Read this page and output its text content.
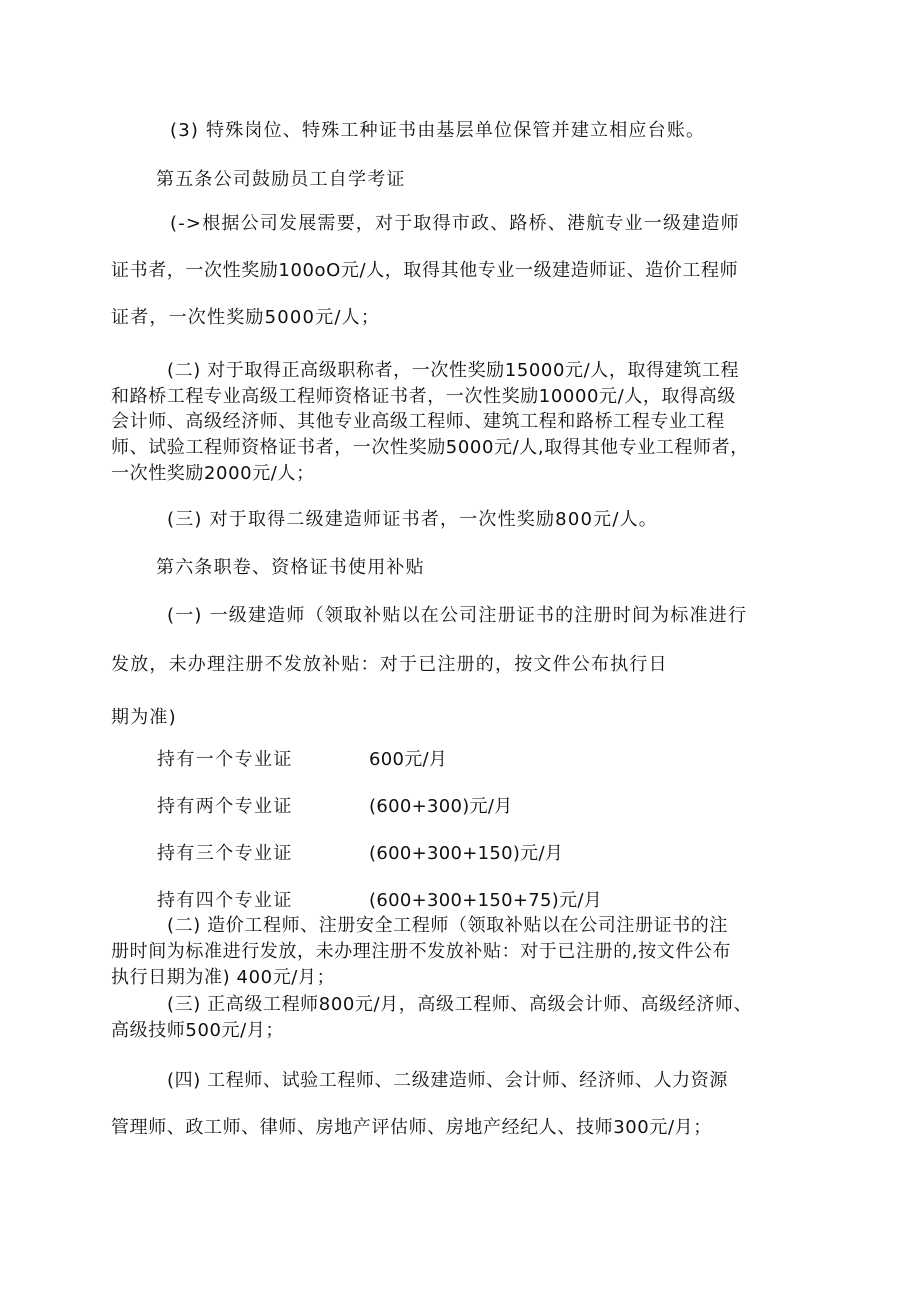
(3) 特殊岗位、特殊工种证书由基层单位保管并建立相应台账。
第五条公司鼓励员工自学考证
(->根据公司发展需要，对于取得市政、路桥、港航专业一级建造师
证书者，一次性奖励100oO元/人，取得其他专业一级建造师证、造价工程师
证者，一次性奖励5000元/人；
(二) 对于取得正高级职称者，一次性奖励15000元/人，取得建筑工程
和路桥工程专业高级工程师资格证书者，一次性奖励10000元/人，取得高级
会计师、高级经济师、其他专业高级工程师、建筑工程和路桥工程专业工程
师、试验工程师资格证书者，一次性奖励5000元/人,取得其他专业工程师者，
一次性奖励2000元/人；
(三) 对于取得二级建造师证书者，一次性奖励800元/人。
第六条职卷、资格证书使用补贴
(一) 一级建造师（领取补贴以在公司注册证书的注册时间为标准进行
发放，未办理注册不发放补贴：对于已注册的，按文件公布执行日
期为准)
持有一个专业证	600元/月
持有两个专业证	(600+300)元/月
持有三个专业证	(600+300+150)元/月
持有四个专业证	(600+300+150+75)元/月
(二) 造价工程师、注册安全工程师（领取补贴以在公司注册证书的注
册时间为标准进行发放，未办理注册不发放补贴：对于已注册的,按文件公布
执行日期为准) 400元/月；
(三) 正高级工程师800元/月，高级工程师、高级会计师、高级经济师、
高级技师500元/月；
(四) 工程师、试验工程师、二级建造师、会计师、经济师、人力资源
管理师、政工师、律师、房地产评估师、房地产经纪人、技师300元/月；
